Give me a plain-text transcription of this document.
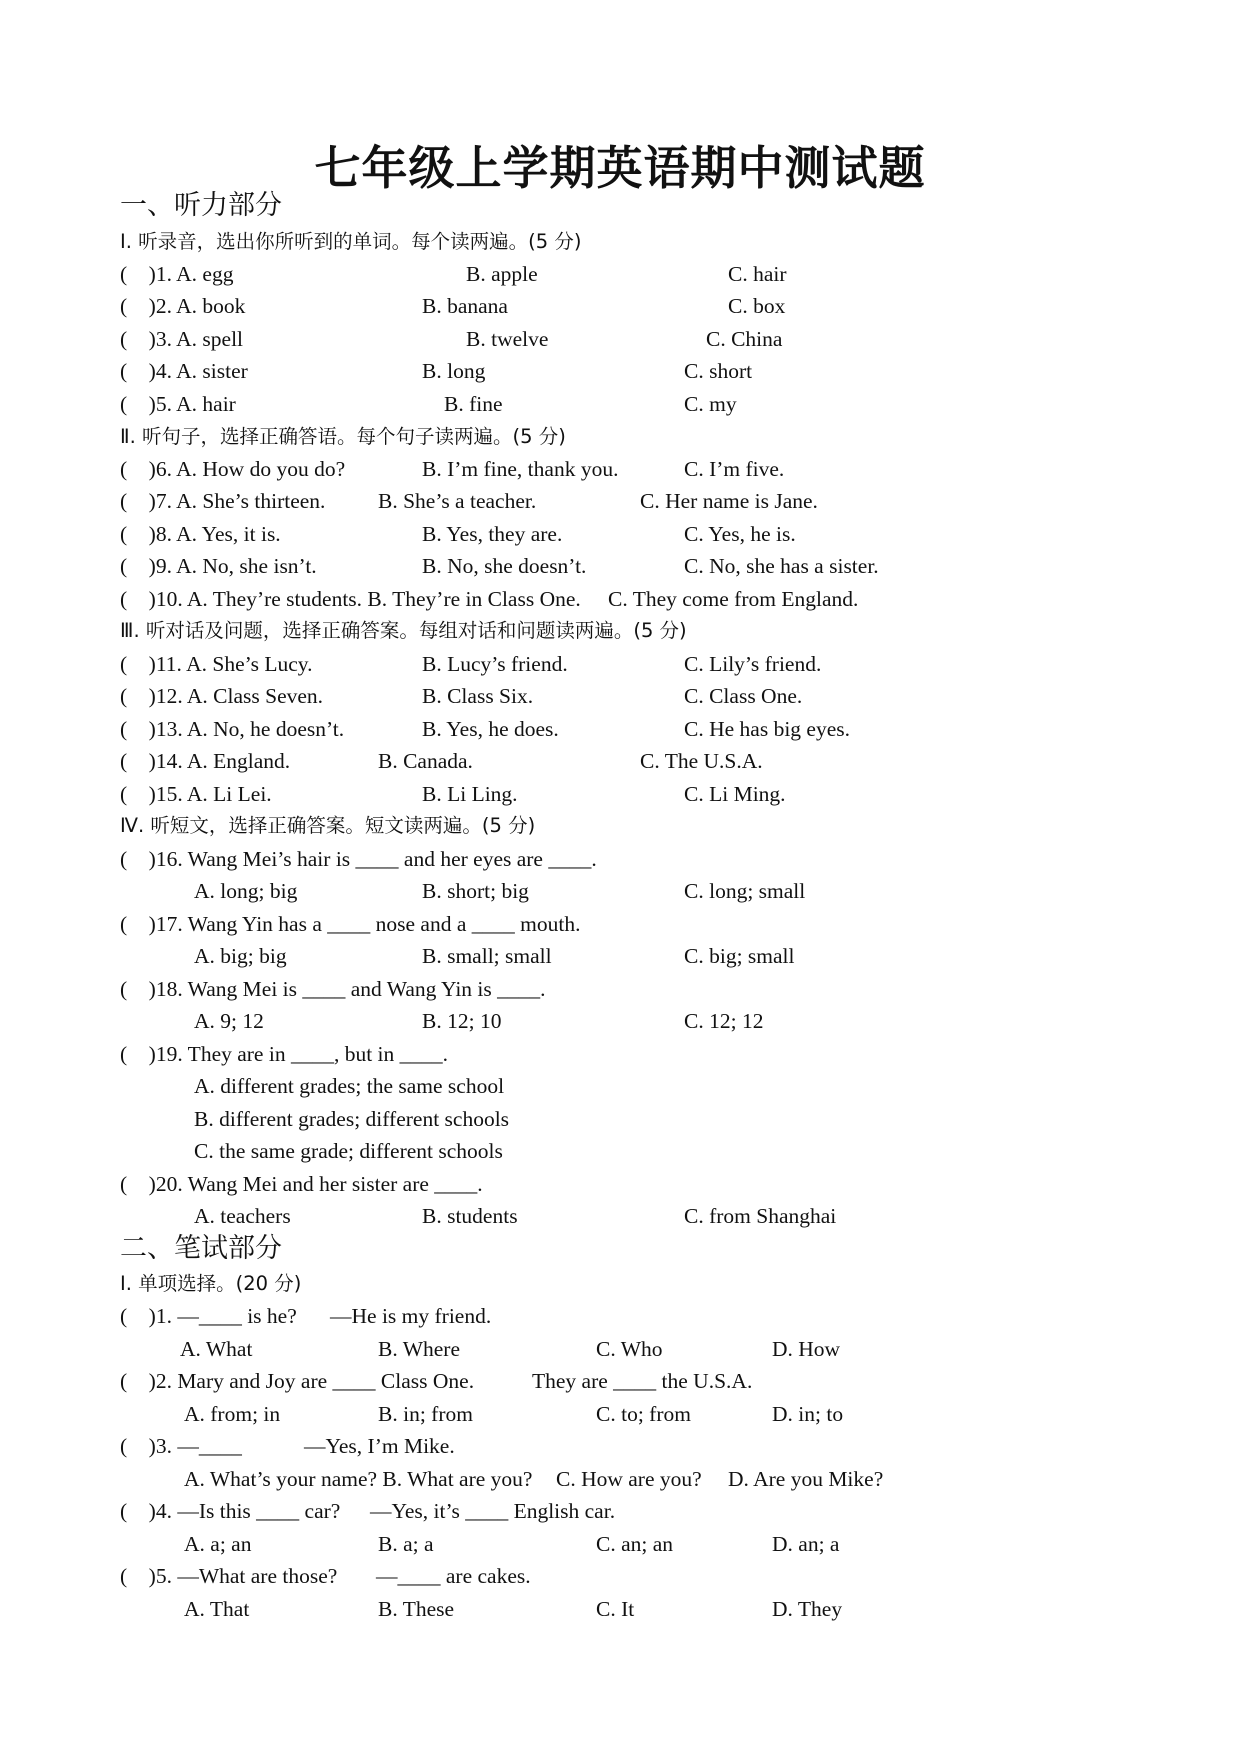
七年级上学期英语期中测试题
一、听力部分
Ⅰ. 听录音，选出你所听到的单词。每个读两遍。(5 分)
(　)1. A. egg	B. apple	C. hair
(　)2. A. book	B. banana	C. box
(　)3. A. spell	B. twelve	C. China
(　)4. A. sister	B. long	C. short
(　)5. A. hair	B. fine	C. my
Ⅱ. 听句子，选择正确答语。每个句子读两遍。(5 分)
(　)6. A. How do you do?	B. I’m fine, thank you.	C. I’m five.
(　)7. A. She’s thirteen. B. She’s a teacher.	C. Her name is Jane.
(　)8. A. Yes, it is.	B. Yes, they are.	C. Yes, he is.
(　)9. A. No, she isn’t.	B. No, she doesn’t.	C. No, she has a sister.
(　)10. A. They’re students. B. They’re in Class One. C. They come from England.
Ⅲ. 听对话及问题，选择正确答案。每组对话和问题读两遍。(5 分)
(　)11. A. She’s Lucy.	B. Lucy’s friend.	C. Lily’s friend.
(　)12. A. Class Seven.	B. Class Six.	C. Class One.
(　)13. A. No, he doesn’t.	B. Yes, he does.	C. He has big eyes.
(　)14. A. England.	B. Canada.	C. The U.S.A.
(　)15. A. Li Lei.	B. Li Ling.	C. Li Ming.
Ⅳ. 听短文，选择正确答案。短文读两遍。(5 分)
(　)16. Wang Mei’s hair is ____ and her eyes are ____.
A. long; big	B. short; big	C. long; small
(　)17. Wang Yin has a ____ nose and a ____ mouth.
A. big; big	B. small; small	C. big; small
(　)18. Wang Mei is ____ and Wang Yin is ____.
A. 9; 12	B. 12; 10	C. 12; 12
(　)19. They are in ____, but in ____.
A. different grades; the same school
B. different grades; different schools
C. the same grade; different schools
(　)20. Wang Mei and her sister are ____.
A. teachers	B. students	C. from Shanghai
二、笔试部分
Ⅰ. 单项选择。(20 分)
(　)1. —____ is he? —He is my friend.
A. What	B. Where	C. Who	D. How
(　)2. Mary and Joy are ____ Class One.	They are ____ the U.S.A.
A. from; in	B. in; from	C. to; from	D. in; to
(　)3. —____	—Yes, I’m Mike.
A. What’s your name? B. What are you? C. How are you? D. Are you Mike?
(　)4. —Is this ____ car? —Yes, it’s ____ English car.
A. a; an	B. a; a	C. an; an	D. an; a
(　)5. —What are those? —____ are cakes.
A. That	B. These	C. It	D. They
